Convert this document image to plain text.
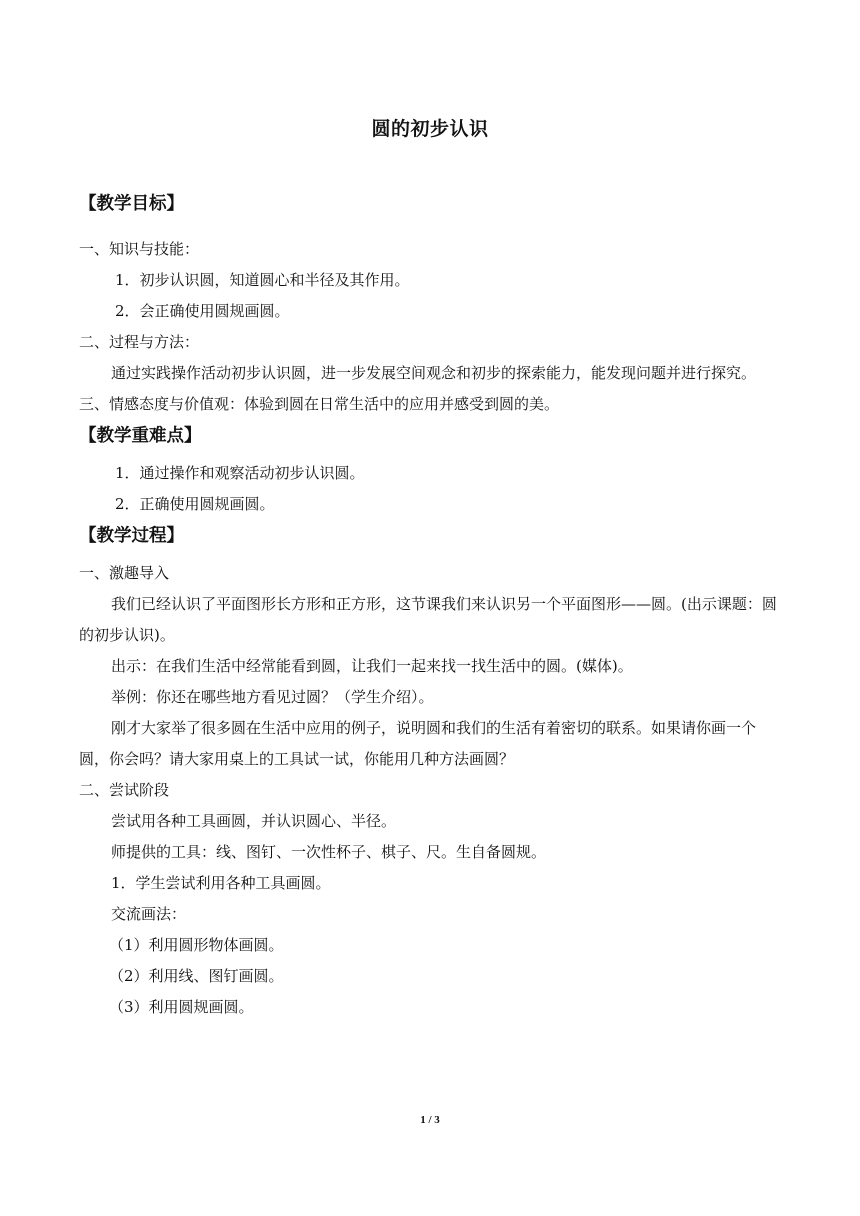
圆的初步认识

【教学目标】

一、知识与技能：

1．初步认识圆，知道圆心和半径及其作用。

2．会正确使用圆规画圆。

二、过程与方法：

通过实践操作活动初步认识圆，进一步发展空间观念和初步的探索能力，能发现问题并进行探究。

三、情感态度与价值观：体验到圆在日常生活中的应用并感受到圆的美。

【教学重难点】

1．通过操作和观察活动初步认识圆。

2．正确使用圆规画圆。

【教学过程】

一、激趣导入

我们已经认识了平面图形长方形和正方形，这节课我们来认识另一个平面图形——圆。(出示课题：圆的初步认识)。

出示：在我们生活中经常能看到圆，让我们一起来找一找生活中的圆。(媒体)。

举例：你还在哪些地方看见过圆？（学生介绍）。

刚才大家举了很多圆在生活中应用的例子，说明圆和我们的生活有着密切的联系。如果请你画一个圆，你会吗？请大家用桌上的工具试一试，你能用几种方法画圆？

二、尝试阶段

尝试用各种工具画圆，并认识圆心、半径。

师提供的工具：线、图钉、一次性杯子、棋子、尺。生自备圆规。

1．学生尝试利用各种工具画圆。

交流画法：

（1）利用圆形物体画圆。

（2）利用线、图钉画圆。

（3）利用圆规画圆。

1 / 3
